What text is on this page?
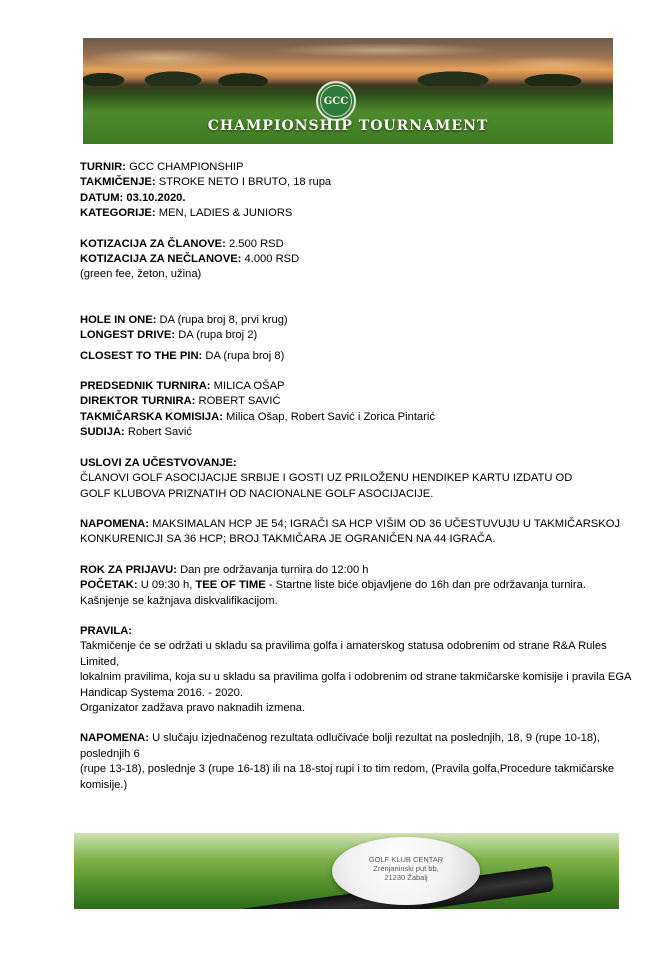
GCC
CHAMPIONSHIP TOURNAMENT

TURNIR: GCC CHAMPIONSHIP

TAKMIČENJE: STROKE NETO I BRUTO, 18 rupa

DATUM: 03.10.2020.

KATEGORIJE: MEN, LADIES & JUNIORS

KOTIZACIJA ZA ČLANOVE: 2.500 RSD

KOTIZACIJA ZA NEČLANOVE: 4.000 RSD

(green fee, žeton, užina)

HOLE IN ONE: DA (rupa broj 8, prvi krug)

LONGEST DRIVE: DA (rupa broj 2)

CLOSEST TO THE PIN: DA (rupa broj 8)

PREDSEDNIK TURNIRA: MILICA OŠAP

DIREKTOR TURNIRA: ROBERT SAVIĆ

TAKMIČARSKA KOMISIJA: Milica Ošap, Robert Savić i Zorica Pintarić

SUDIJA: Robert Savić

USLOVI ZA UČESTVOVANJE:

ČLANOVI GOLF ASOCIJACIJE SRBIJE I GOSTI UZ PRILOŽENU HENDIKEP KARTU IZDATU OD

GOLF KLUBOVA PRIZNATIH OD NACIONALNE GOLF ASOCIJACIJE.

NAPOMENA: MAKSIMALAN HCP JE 54; IGRAČI SA HCP VIŠIM OD 36 UČESTUVUJU U TAKMIČARSKOJ

KONKURENICJI SA 36 HCP; BROJ TAKMIČARA JE OGRANIČEN NA 44 IGRAČA.

ROK ZA PRIJAVU: Dan pre održavanja turnira do 12:00 h

POČETAK: U 09:30 h, TEE OF TIME - Startne liste biće objavljene do 16h dan pre održavanja turnira.

Kašnjenje se kažnjava diskvalifikacijom.

PRAVILA:

Takmičenje će se održati u skladu sa pravilima golfa i amaterskog statusa odobrenim od strane R&A Rules Limited,

lokalnim pravilima, koja su u skladu sa pravilima golfa i odobrenim od strane takmičarske komisije i pravila EGA

Handicap Systema 2016. - 2020.

Organizator zadžava pravo naknadih izmena.

NAPOMENA: U slučaju izjednačenog rezultata odlučivaće bolji rezultat na poslednjih, 18, 9 (rupe 10-18), poslednjih 6

(rupe 13-18), poslednje 3 (rupe 16-18) ili na 18-stoj rupi i to tim redom, (Pravila golfa,Procedure takmičarske

komisije.)

GOLF KLUB CENTAR
Zrenjaninski put bb,
21230 Žabalj
